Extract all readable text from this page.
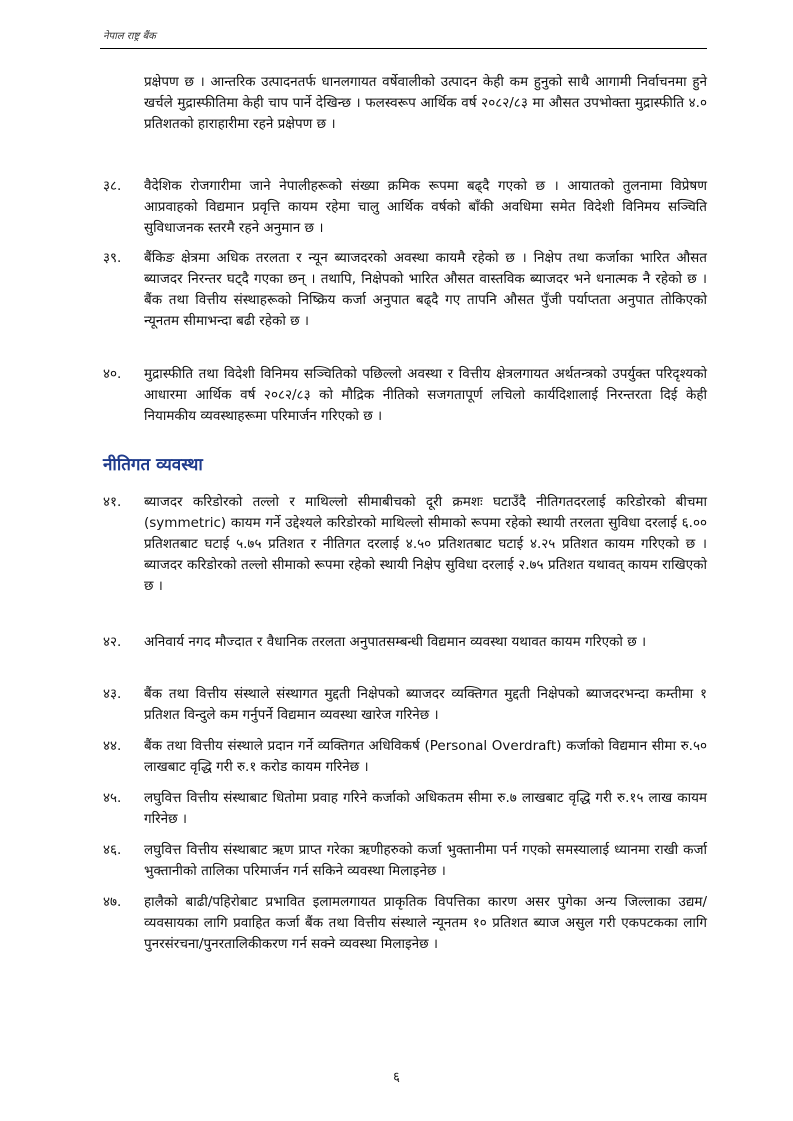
नेपाल राष्ट्र बैंक
प्रक्षेपण छ । आन्तरिक उत्पादनतर्फ धानलगायत वर्षेवालीको उत्पादन केही कम हुनुको साथै आगामी निर्वाचनमा हुने खर्चले मुद्रास्फीतिमा केही चाप पार्ने देखिन्छ । फलस्वरूप आर्थिक वर्ष २०८२/८३ मा औसत उपभोक्ता मुद्रास्फीति ४.० प्रतिशतको हाराहारीमा रहने प्रक्षेपण छ ।
३८.	वैदेशिक रोजगारीमा जाने नेपालीहरूको संख्या क्रमिक रूपमा बढ्दै गएको छ । आयातको तुलनामा विप्रेषण आप्रवाहको विद्यमान प्रवृत्ति कायम रहेमा चालु आर्थिक वर्षको बाँकी अवधिमा समेत विदेशी विनिमय सञ्चिति सुविधाजनक स्तरमै रहने अनुमान छ ।
३९.	बैंकिङ क्षेत्रमा अधिक तरलता र न्यून ब्याजदरको अवस्था कायमै रहेको छ । निक्षेप तथा कर्जाका भारित औसत ब्याजदर निरन्तर घट्दै गएका छन् । तथापि, निक्षेपको भारित औसत वास्तविक ब्याजदर भने धनात्मक नै रहेको छ । बैंक तथा वित्तीय संस्थाहरूको निष्क्रिय कर्जा अनुपात बढ्दै गए तापनि औसत पुँजी पर्याप्तता अनुपात तोकिएको न्यूनतम सीमाभन्दा बढी रहेको छ ।
४०.	मुद्रास्फीति तथा विदेशी विनिमय सञ्चितिको पछिल्लो अवस्था र वित्तीय क्षेत्रलगायत अर्थतन्त्रको उपर्युक्त परिदृश्यको आधारमा आर्थिक वर्ष २०८२/८३ को मौद्रिक नीतिको सजगतापूर्ण लचिलो कार्यदिशालाई निरन्तरता दिई केही नियामकीय व्यवस्थाहरूमा परिमार्जन गरिएको छ ।
नीतिगत व्यवस्था
४१.	ब्याजदर करिडोरको तल्लो र माथिल्लो सीमाबीचको दूरी क्रमशः घटाउँदै नीतिगतदरलाई करिडोरको बीचमा (symmetric) कायम गर्ने उद्देश्यले करिडोरको माथिल्लो सीमाको रूपमा रहेको स्थायी तरलता सुविधा दरलाई ६.०० प्रतिशतबाट घटाई ५.७५ प्रतिशत र नीतिगत दरलाई ४.५० प्रतिशतबाट घटाई ४.२५ प्रतिशत कायम गरिएको छ । ब्याजदर करिडोरको तल्लो सीमाको रूपमा रहेको स्थायी निक्षेप सुविधा दरलाई २.७५ प्रतिशत यथावत् कायम राखिएको छ ।
४२.	अनिवार्य नगद मौज्दात र वैधानिक तरलता अनुपातसम्बन्धी विद्यमान व्यवस्था यथावत कायम गरिएको छ ।
४३.	बैंक तथा वित्तीय संस्थाले संस्थागत मुद्दती निक्षेपको ब्याजदर व्यक्तिगत मुद्दती निक्षेपको ब्याजदरभन्दा कम्तीमा १ प्रतिशत विन्दुले कम गर्नुपर्ने विद्यमान व्यवस्था खारेज गरिनेछ ।
४४.	बैंक तथा वित्तीय संस्थाले प्रदान गर्ने व्यक्तिगत अधिविकर्ष (Personal Overdraft) कर्जाको विद्यमान सीमा रु.५० लाखबाट वृद्धि गरी रु.१ करोड कायम गरिनेछ ।
४५.	लघुवित्त वित्तीय संस्थाबाट धितोमा प्रवाह गरिने कर्जाको अधिकतम सीमा रु.७ लाखबाट वृद्धि गरी रु.१५ लाख कायम गरिनेछ ।
४६.	लघुवित्त वित्तीय संस्थाबाट ऋण प्राप्त गरेका ऋणीहरुको कर्जा भुक्तानीमा पर्न गएको समस्यालाई ध्यानमा राखी कर्जा भुक्तानीको तालिका परिमार्जन गर्न सकिने व्यवस्था मिलाइनेछ ।
४७.	हालैको बाढी/पहिरोबाट प्रभावित इलामलगायत प्राकृतिक विपत्तिका कारण असर पुगेका अन्य जिल्लाका उद्यम/व्यवसायका लागि प्रवाहित कर्जा बैंक तथा वित्तीय संस्थाले न्यूनतम १० प्रतिशत ब्याज असुल गरी एकपटकका लागि पुनरसंरचना/पुनरतालिकीकरण गर्न सक्ने व्यवस्था मिलाइनेछ ।
६
